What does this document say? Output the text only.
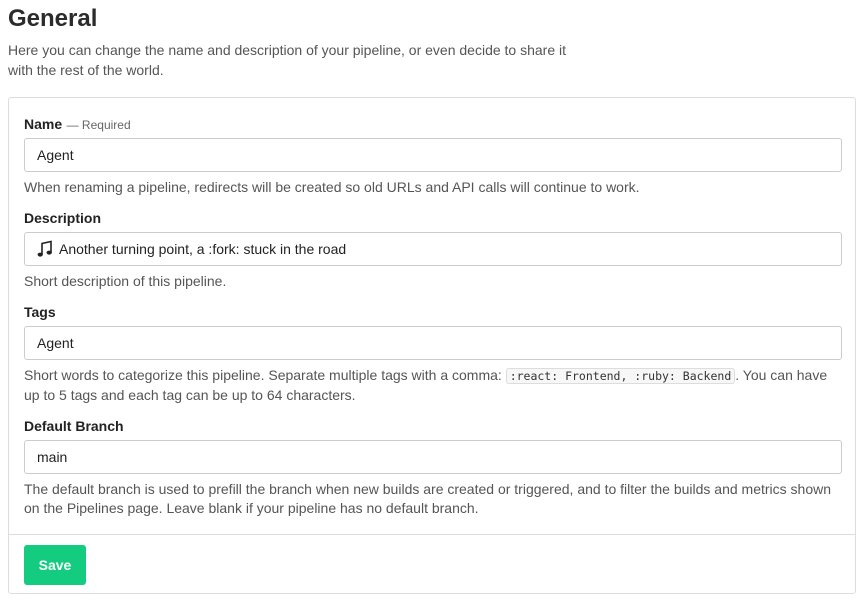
General
Here you can change the name and description of your pipeline, or even decide to share it with the rest of the world.
Name — Required
Agent
When renaming a pipeline, redirects will be created so old URLs and API calls will continue to work.
Description
Another turning point, a :fork: stuck in the road
Short description of this pipeline.
Tags
Agent
Short words to categorize this pipeline. Separate multiple tags with a comma: :react: Frontend, :ruby: Backend . You can have up to 5 tags and each tag can be up to 64 characters.
Default Branch
main
The default branch is used to prefill the branch when new builds are created or triggered, and to filter the builds and metrics shown on the Pipelines page. Leave blank if your pipeline has no default branch.
Save
